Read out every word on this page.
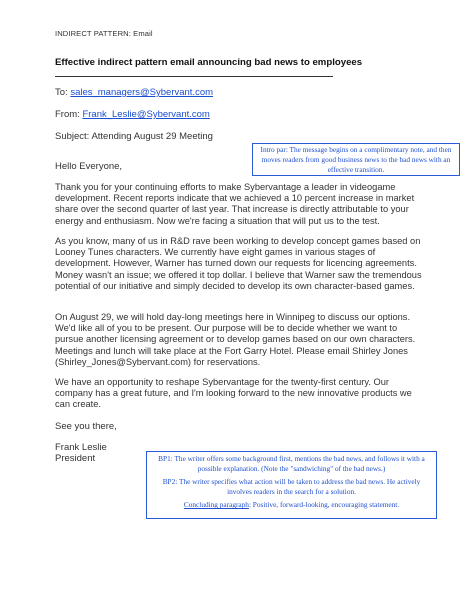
INDIRECT PATTERN: Email
Effective indirect pattern email announcing bad news to employees
To: sales_managers@Sybervant.com
From: Frank_Leslie@Sybervant.com
Subject: Attending August 29 Meeting
Hello Everyone,

Thank you for your continuing efforts to make Sybervantage a leader in videogame development. Recent reports indicate that we achieved a 10 percent increase in market share over the second quarter of last year. That increase is directly attributable to your energy and enthusiasm. Now we're facing a situation that will put us to the test.

As you know, many of us in R&D rave been working to develop concept games based on Looney Tunes characters. We currently have eight games in various stages of development. However, Warner has turned down our requests for licencing agreements. Money wasn't an issue; we offered it top dollar. I believe that Warner saw the tremendous potential of our initiative and simply decided to develop its own character-based games.

On August 29, we will hold day-long meetings here in Winnipeg to discuss our options. We'd like all of you to be present. Our purpose will be to decide whether we want to pursue another licensing agreement or to develop games based on our own characters. Meetings and lunch will take place at the Fort Garry Hotel. Please email Shirley Jones (Shirley_Jones@Sybervant.com) for reservations.

We have an opportunity to reshape Sybervantage for the twenty-first century. Our company has a great future, and I'm looking forward to the new innovative products we can create.

See you there,
Frank Leslie
President
Intro par: The message begins on a complimentary note, and then moves readers from good business news to the bad news with an effective transition.

BP1: The writer offers some background first, mentions the bad news, and follows it with a possible explanation. (Note the "sandwiching" of the bad news.)

BP2: The writer specifies what action will be taken to address the bad news. He actively involves readers in the search for a solution.

Concluding paragraph: Positive, forward-looking, encouraging statement.
